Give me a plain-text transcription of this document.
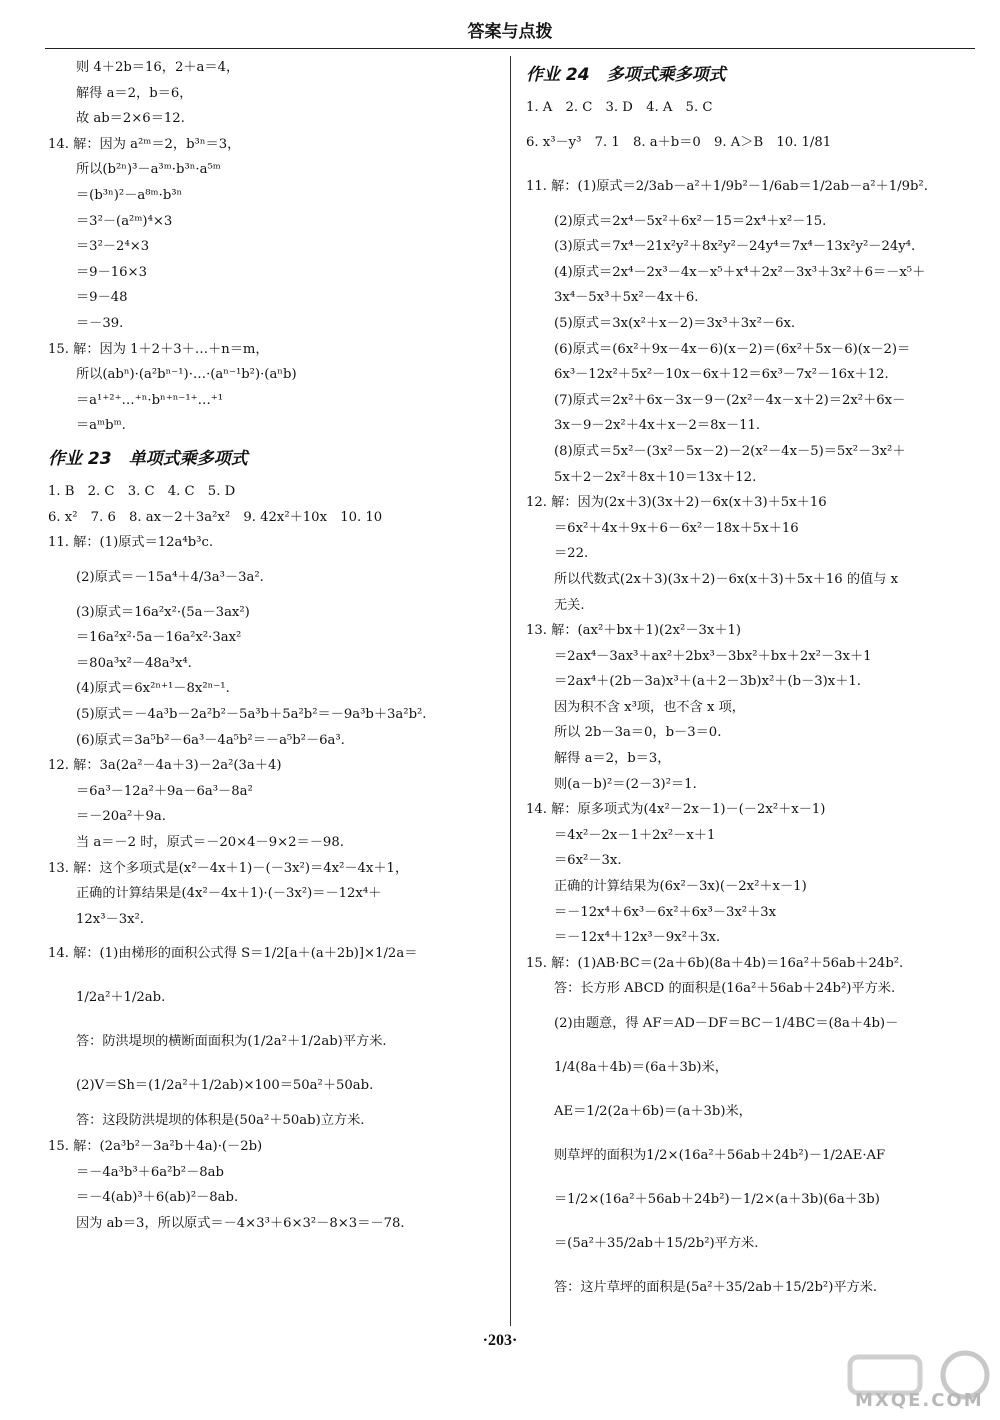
答案与点拨
则 4＋2b＝16，2＋a＝4，
解得 a＝2，b＝6，
故 ab＝2×6＝12.
14. 解：因为 a²ᵐ＝2，b³ⁿ＝3，
所以(b²ⁿ)³－a³ᵐ·b³ⁿ·a⁵ᵐ
＝(b³ⁿ)²－a⁸ᵐ·b³ⁿ
＝3²－(a²ᵐ)⁴×3
＝3²－2⁴×3
＝9－16×3
＝9－48
＝－39.
15. 解：因为 1＋2＋3＋…＋n＝m，
所以(abⁿ)·(a²bⁿ⁻¹)·…·(aⁿ⁻¹b²)·(aⁿb)
＝a¹⁺²⁺…⁺ⁿ·bⁿ⁺ⁿ⁻¹⁺…⁺¹
＝aᵐbᵐ.
作业 23　单项式乘多项式
1. B　2. C　3. C　4. C　5. D
6. x²　7. 6　8. ax－2＋3a²x²　9. 42x²＋10x　10. 10
11. 解：(1)原式＝12a⁴b³c.
(2)原式＝－15a⁴＋4/3a³－3a².
(3)原式＝16a²x²·(5a－3ax²)
＝16a²x²·5a－16a²x²·3ax²
＝80a³x²－48a³x⁴.
(4)原式＝6x²ⁿ⁺¹－8x²ⁿ⁻¹.
(5)原式＝－4a³b－2a²b²－5a³b＋5a²b²＝－9a³b＋3a²b².
(6)原式＝3a⁵b²－6a³－4a⁵b²＝－a⁵b²－6a³.
12. 解：3a(2a²－4a＋3)－2a²(3a＋4)
＝6a³－12a²＋9a－6a³－8a²
＝－20a²＋9a.
当 a＝－2 时，原式＝－20×4－9×2＝－98.
13. 解：这个多项式是(x²－4x＋1)－(－3x²)＝4x²－4x＋1，
正确的计算结果是(4x²－4x＋1)·(－3x²)＝－12x⁴＋
12x³－3x².
14. 解：(1)由梯形的面积公式得 S＝1/2[a＋(a＋2b)]×1/2a＝
1/2a²＋1/2ab.
答：防洪堤坝的横断面面积为(1/2a²＋1/2ab)平方米.
(2)V＝Sh＝(1/2a²＋1/2ab)×100＝50a²＋50ab.
答：这段防洪堤坝的体积是(50a²＋50ab)立方米.
15. 解：(2a³b²－3a²b＋4a)·(－2b)
＝－4a³b³＋6a²b²－8ab
＝－4(ab)³＋6(ab)²－8ab.
因为 ab＝3，所以原式＝－4×3³＋6×3²－8×3＝－78.
作业 24　多项式乘多项式
1. A　2. C　3. D　4. A　5. C
6. x³－y³　7. 1　8. a＋b＝0　9. A＞B　10. 1/81
11. 解：(1)原式＝2/3ab－a²＋1/9b²－1/6ab＝1/2ab－a²＋1/9b².
(2)原式＝2x⁴－5x²＋6x²－15＝2x⁴＋x²－15.
(3)原式＝7x⁴－21x²y²＋8x²y²－24y⁴＝7x⁴－13x²y²－24y⁴.
(4)原式＝2x⁴－2x³－4x－x⁵＋x⁴＋2x²－3x³＋3x²＋6＝－x⁵＋
3x⁴－5x³＋5x²－4x＋6.
(5)原式＝3x(x²＋x－2)＝3x³＋3x²－6x.
(6)原式＝(6x²＋9x－4x－6)(x－2)＝(6x²＋5x－6)(x－2)＝
6x³－12x²＋5x²－10x－6x＋12＝6x³－7x²－16x＋12.
(7)原式＝2x²＋6x－3x－9－(2x²－4x－x＋2)＝2x²＋6x－
3x－9－2x²＋4x＋x－2＝8x－11.
(8)原式＝5x²－(3x²－5x－2)－2(x²－4x－5)＝5x²－3x²＋
5x＋2－2x²＋8x＋10＝13x＋12.
12. 解：因为(2x＋3)(3x＋2)－6x(x＋3)＋5x＋16
＝6x²＋4x＋9x＋6－6x²－18x＋5x＋16
＝22.
所以代数式(2x＋3)(3x＋2)－6x(x＋3)＋5x＋16 的值与 x
无关.
13. 解：(ax²＋bx＋1)(2x²－3x＋1)
＝2ax⁴－3ax³＋ax²＋2bx³－3bx²＋bx＋2x²－3x＋1
＝2ax⁴＋(2b－3a)x³＋(a＋2－3b)x²＋(b－3)x＋1.
因为积不含 x³项，也不含 x 项，
所以 2b－3a＝0，b－3＝0.
解得 a＝2，b＝3，
则(a－b)²＝(2－3)²＝1.
14. 解：原多项式为(4x²－2x－1)－(－2x²＋x－1)
＝4x²－2x－1＋2x²－x＋1
＝6x²－3x.
正确的计算结果为(6x²－3x)(－2x²＋x－1)
＝－12x⁴＋6x³－6x²＋6x³－3x²＋3x
＝－12x⁴＋12x³－9x²＋3x.
15. 解：(1)AB·BC＝(2a＋6b)(8a＋4b)＝16a²＋56ab＋24b².
答：长方形 ABCD 的面积是(16a²＋56ab＋24b²)平方米.
(2)由题意，得 AF＝AD－DF＝BC－1/4BC＝(8a＋4b)－
1/4(8a＋4b)＝(6a＋3b)米，
AE＝1/2(2a＋6b)＝(a＋3b)米，
则草坪的面积为1/2×(16a²＋56ab＋24b²)－1/2AE·AF
＝1/2×(16a²＋56ab＋24b²)－1/2×(a＋3b)(6a＋3b)
＝(5a²＋35/2ab＋15/2b²)平方米.
答：这片草坪的面积是(5a²＋35/2ab＋15/2b²)平方米.
·203·
MXQE.COM
